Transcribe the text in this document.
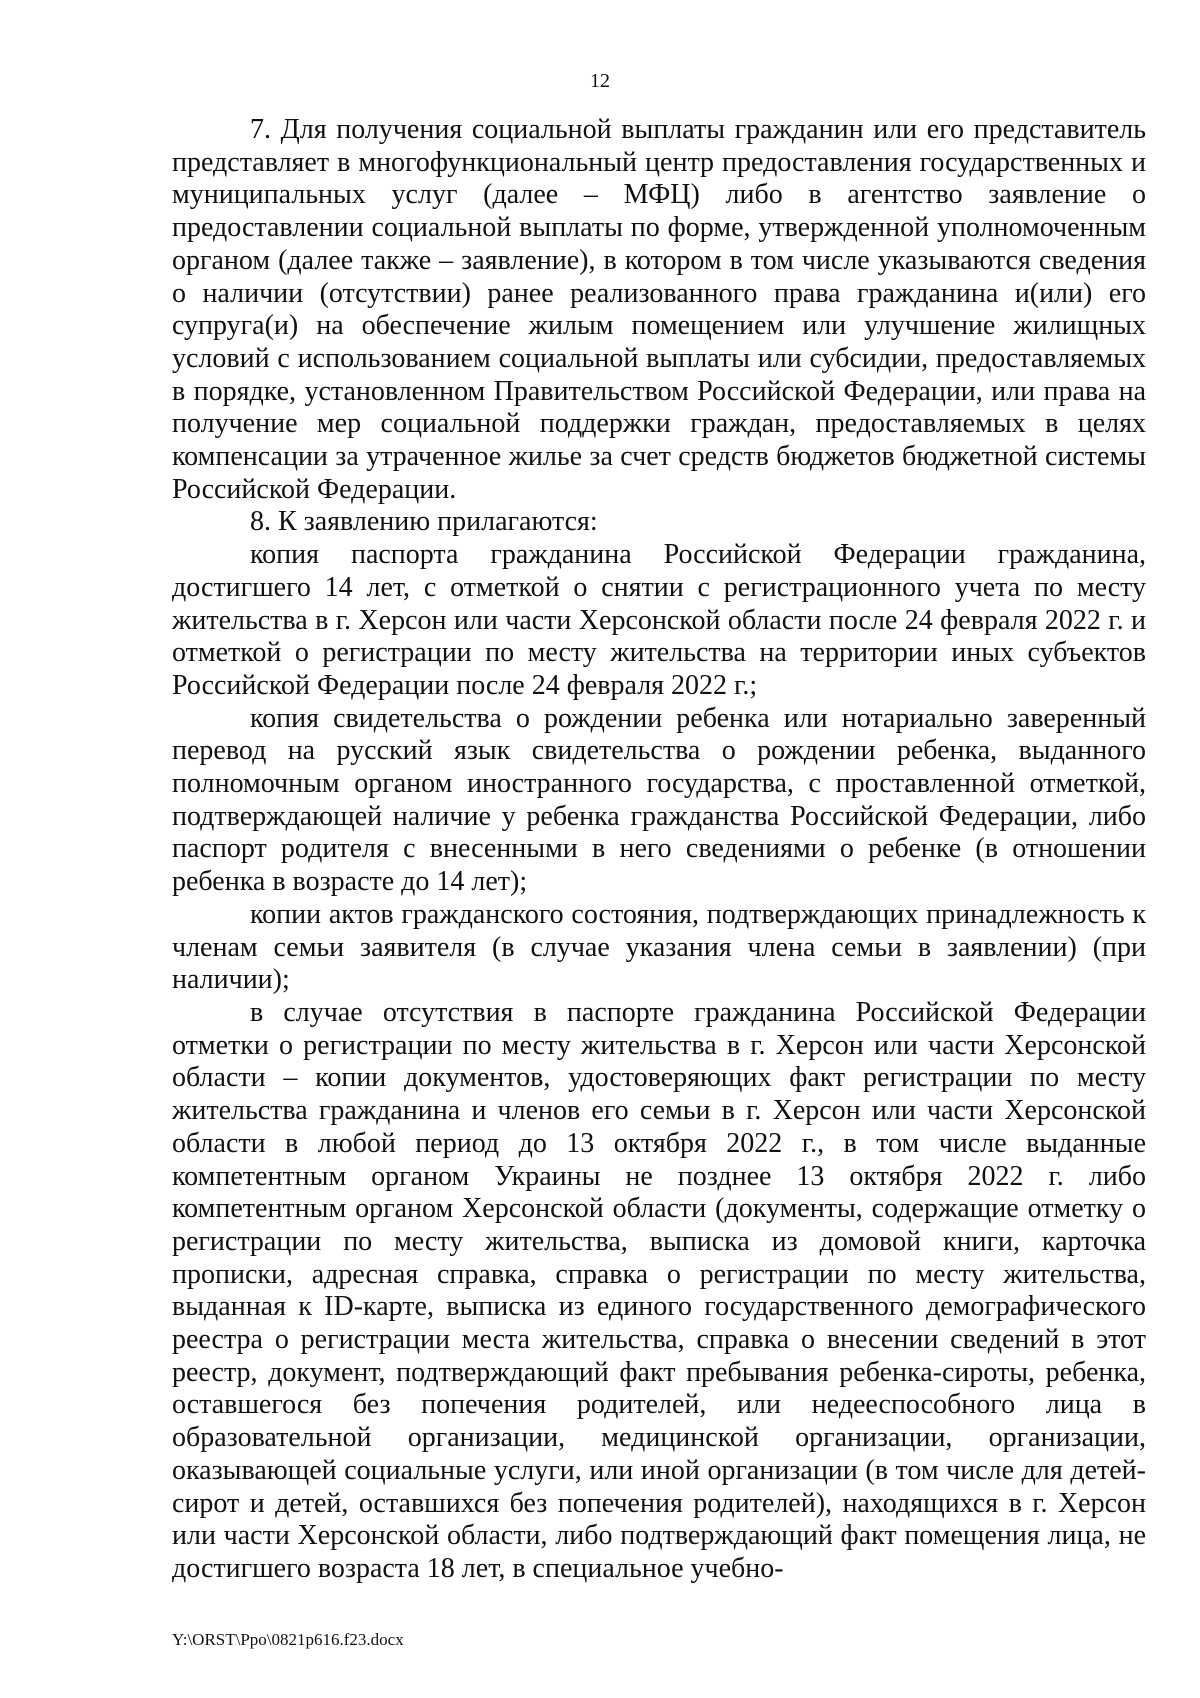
12

7. Для получения социальной выплаты гражданин или его представитель представляет в многофункциональный центр предоставления государственных и муниципальных услуг (далее – МФЦ) либо в агентство заявление о предоставлении социальной выплаты по форме, утвержденной уполномоченным органом (далее также – заявление), в котором в том числе указываются сведения о наличии (отсутствии) ранее реализованного права гражданина и(или) его супруга(и) на обеспечение жилым помещением или улучшение жилищных условий с использованием социальной выплаты или субсидии, предоставляемых в порядке, установленном Правительством Российской Федерации, или права на получение мер социальной поддержки граждан, предоставляемых в целях компенсации за утраченное жилье за счет средств бюджетов бюджетной системы Российской Федерации.

8. К заявлению прилагаются:

копия паспорта гражданина Российской Федерации гражданина, достигшего 14 лет, с отметкой о снятии с регистрационного учета по месту жительства в г. Херсон или части Херсонской области после 24 февраля 2022 г. и отметкой о регистрации по месту жительства на территории иных субъектов Российской Федерации после 24 февраля 2022 г.;

копия свидетельства о рождении ребенка или нотариально заверенный перевод на русский язык свидетельства о рождении ребенка, выданного полномочным органом иностранного государства, с проставленной отметкой, подтверждающей наличие у ребенка гражданства Российской Федерации, либо паспорт родителя с внесенными в него сведениями о ребенке (в отношении ребенка в возрасте до 14 лет);

копии актов гражданского состояния, подтверждающих принадлежность к членам семьи заявителя (в случае указания члена семьи в заявлении) (при наличии);

в случае отсутствия в паспорте гражданина Российской Федерации отметки о регистрации по месту жительства в г. Херсон или части Херсонской области – копии документов, удостоверяющих факт регистрации по месту жительства гражданина и членов его семьи в г. Херсон или части Херсонской области в любой период до 13 октября 2022 г., в том числе выданные компетентным органом Украины не позднее 13 октября 2022 г. либо компетентным органом Херсонской области (документы, содержащие отметку о регистрации по месту жительства, выписка из домовой книги, карточка прописки, адресная справка, справка о регистрации по месту жительства, выданная к ID-карте, выписка из единого государственного демографического реестра о регистрации места жительства, справка о внесении сведений в этот реестр, документ, подтверждающий факт пребывания ребенка-сироты, ребенка, оставшегося без попечения родителей, или недееспособного лица в образовательной организации, медицинской организации, организации, оказывающей социальные услуги, или иной организации (в том числе для детей-сирот и детей, оставшихся без попечения родителей), находящихся в г. Херсон или части Херсонской области, либо подтверждающий факт помещения лица, не достигшего возраста 18 лет, в специальное учебно-

Y:\ORST\Ppo\0821p616.f23.docx
